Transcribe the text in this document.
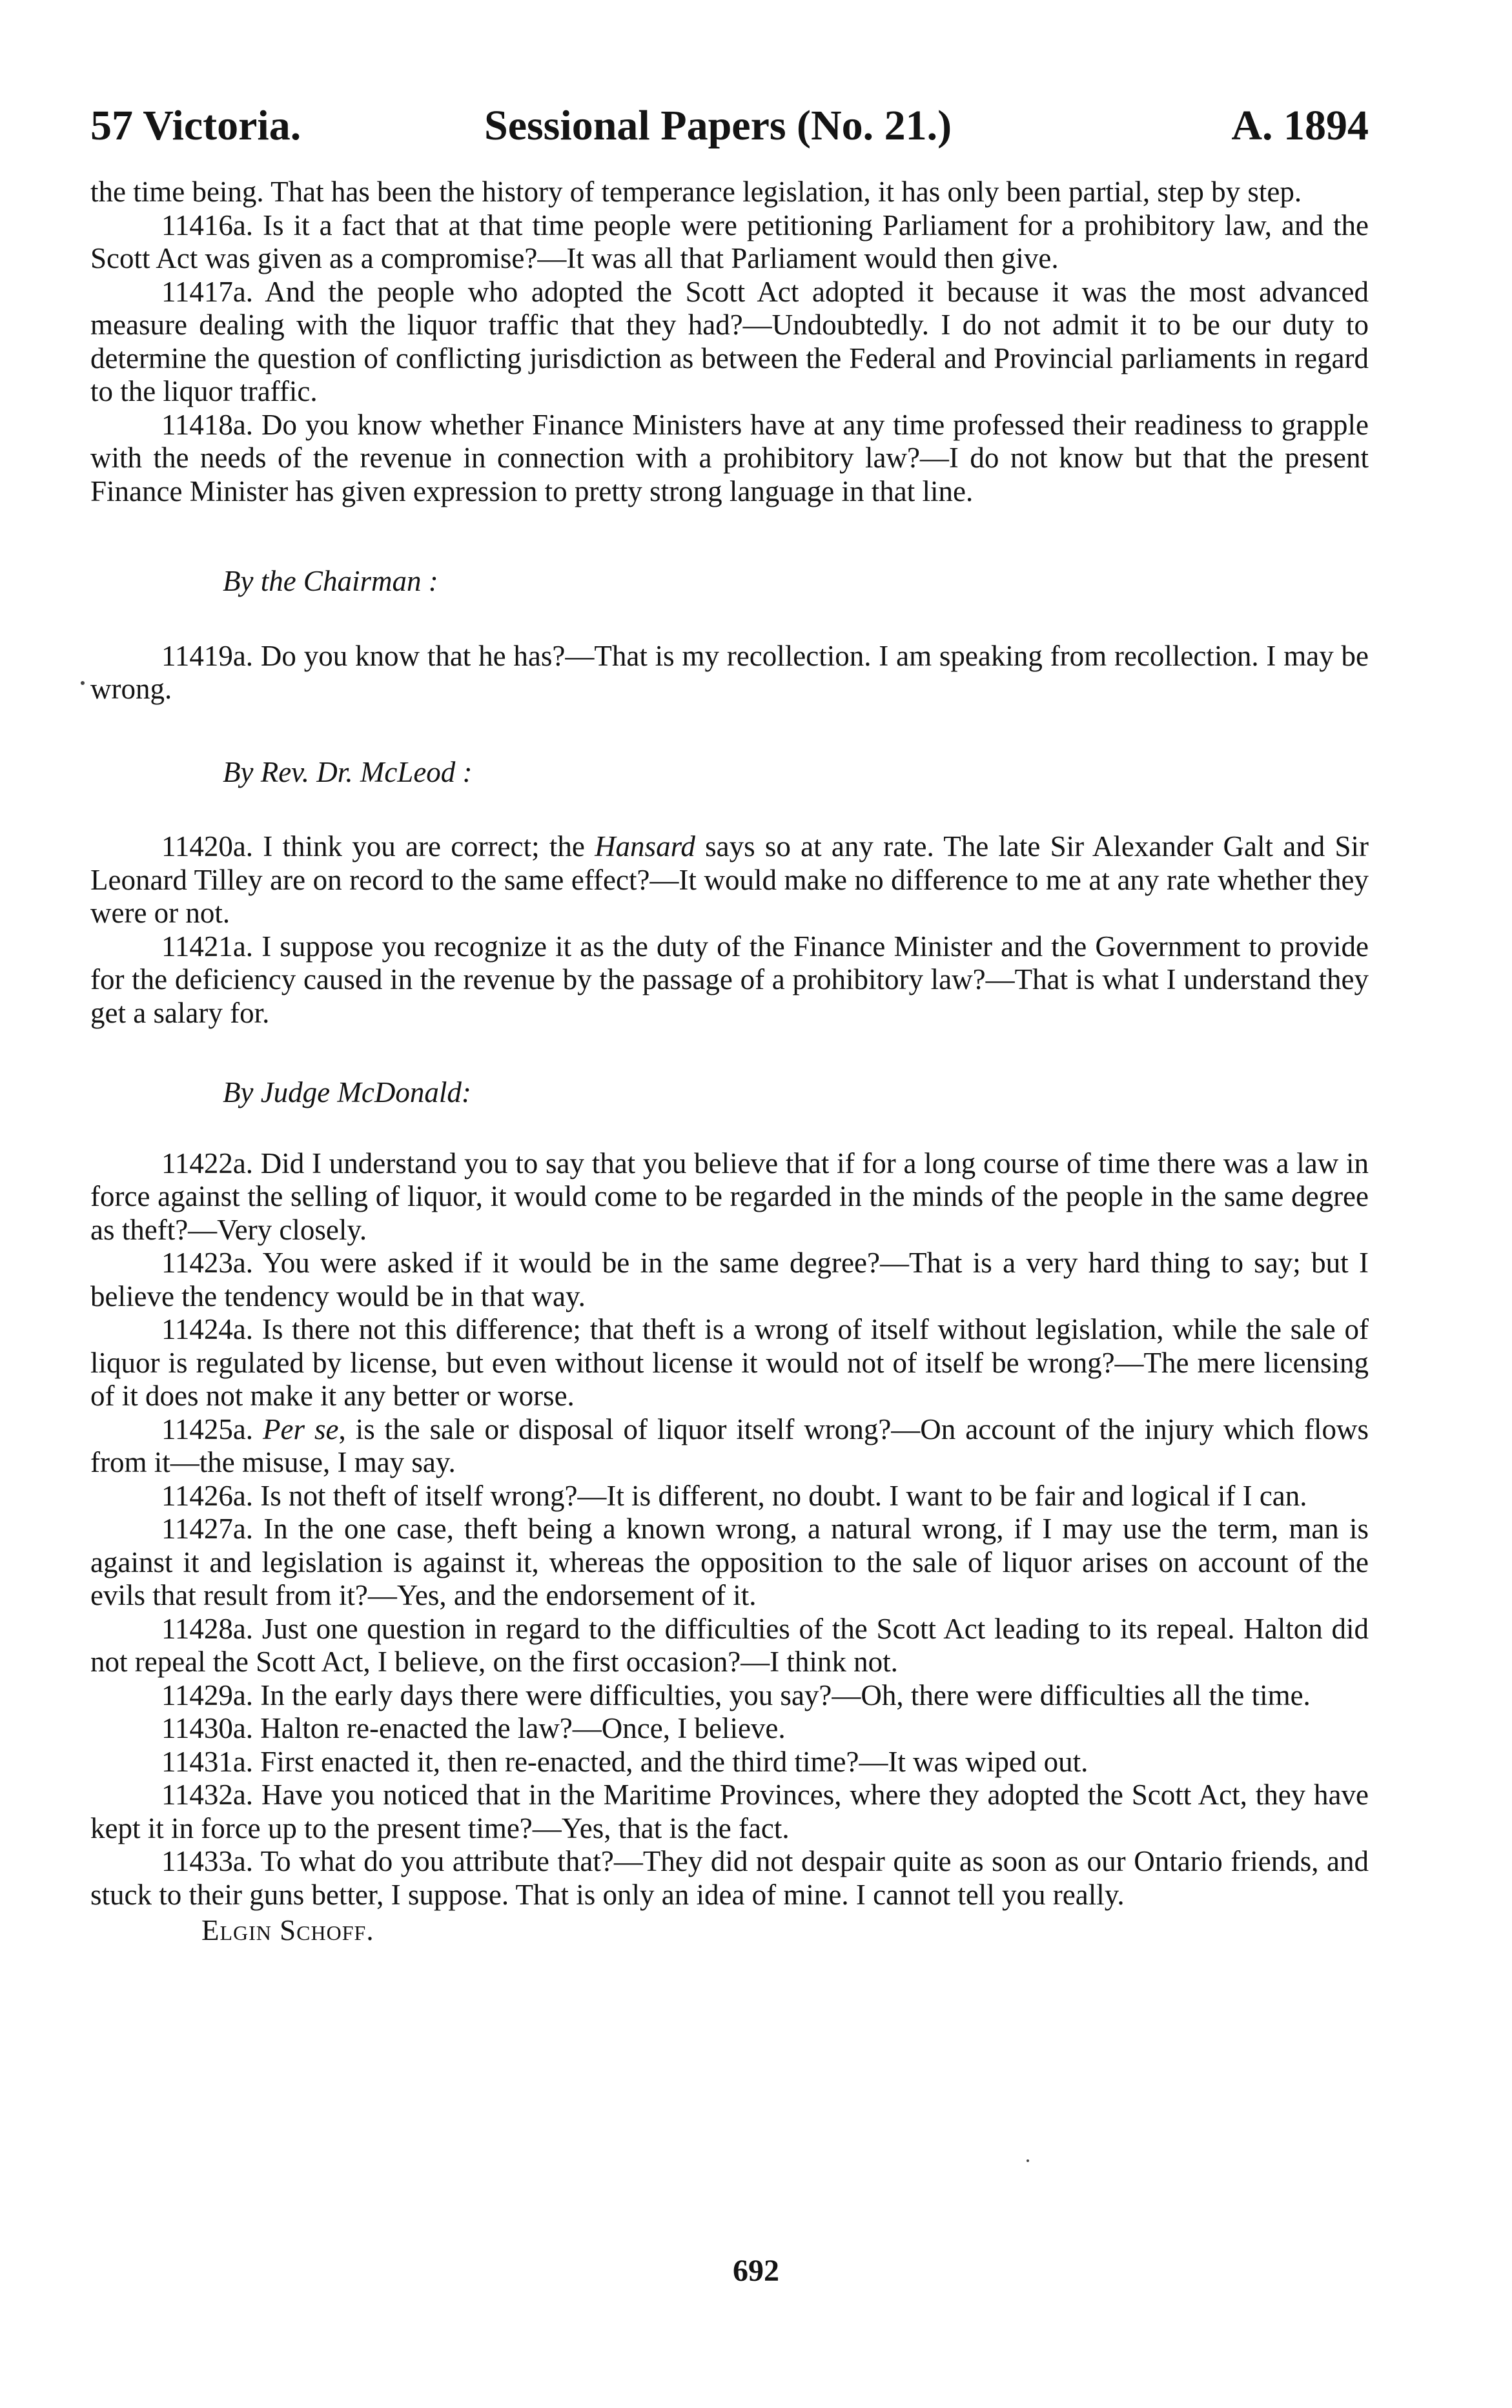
57 Victoria.	Sessional Papers (No. 21.)	A. 1894

the time being. That has been the history of temperance legislation, it has only been partial, step by step.

11416a. Is it a fact that at that time people were petitioning Parliament for a prohibitory law, and the Scott Act was given as a compromise?—It was all that Parliament would then give.

11417a. And the people who adopted the Scott Act adopted it because it was the most advanced measure dealing with the liquor traffic that they had?—Undoubtedly. I do not admit it to be our duty to determine the question of conflicting jurisdiction as between the Federal and Provincial parliaments in regard to the liquor traffic.

11418a. Do you know whether Finance Ministers have at any time professed their readiness to grapple with the needs of the revenue in connection with a prohibitory law?—I do not know but that the present Finance Minister has given expression to pretty strong language in that line.

By the Chairman :

11419a. Do you know that he has?—That is my recollection. I am speaking from recollection. I may be wrong.

By Rev. Dr. McLeod :

11420a. I think you are correct; the Hansard says so at any rate. The late Sir Alexander Galt and Sir Leonard Tilley are on record to the same effect?—It would make no difference to me at any rate whether they were or not.

11421a. I suppose you recognize it as the duty of the Finance Minister and the Government to provide for the deficiency caused in the revenue by the passage of a prohibitory law?—That is what I understand they get a salary for.

By Judge McDonald:

11422a. Did I understand you to say that you believe that if for a long course of time there was a law in force against the selling of liquor, it would come to be regarded in the minds of the people in the same degree as theft?—Very closely.

11423a. You were asked if it would be in the same degree?—That is a very hard thing to say; but I believe the tendency would be in that way.

11424a. Is there not this difference; that theft is a wrong of itself without legislation, while the sale of liquor is regulated by license, but even without license it would not of itself be wrong?—The mere licensing of it does not make it any better or worse.

11425a. Per se, is the sale or disposal of liquor itself wrong?—On account of the injury which flows from it—the misuse, I may say.

11426a. Is not theft of itself wrong?—It is different, no doubt. I want to be fair and logical if I can.

11427a. In the one case, theft being a known wrong, a natural wrong, if I may use the term, man is against it and legislation is against it, whereas the opposition to the sale of liquor arises on account of the evils that result from it?—Yes, and the endorsement of it.

11428a. Just one question in regard to the difficulties of the Scott Act leading to its repeal. Halton did not repeal the Scott Act, I believe, on the first occasion?—I think not.

11429a. In the early days there were difficulties, you say?—Oh, there were difficulties all the time.

11430a. Halton re-enacted the law?—Once, I believe.

11431a. First enacted it, then re-enacted, and the third time?—It was wiped out.

11432a. Have you noticed that in the Maritime Provinces, where they adopted the Scott Act, they have kept it in force up to the present time?—Yes, that is the fact.

11433a. To what do you attribute that?—They did not despair quite as soon as our Ontario friends, and stuck to their guns better, I suppose. That is only an idea of mine. I cannot tell you really.

Elgin Schoff.

692
